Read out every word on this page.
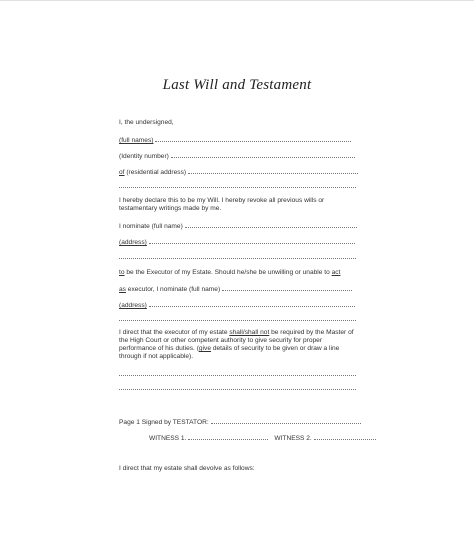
Last Will and Testament
I, the undersigned,
(full names)
(Identity number)
of (residential address)
I hereby declare this to be my Will. I hereby revoke all previous wills or testamentary writings made by me.
I nominate (full name)
(address)
to be the Executor of my Estate. Should he/she be unwilling or unable to act
as executor, I nominate (full name)
(address)
I direct that the executor of my estate shall/shall not be required by the Master of the High Court or other competent authority to give security for proper performance of his duties. (give details of security to be given or draw a line through if not applicable).
Page 1 Signed by TESTATOR:
WITNESS 1.	WITNESS 2.
I direct that my estate shall devolve as follows:
